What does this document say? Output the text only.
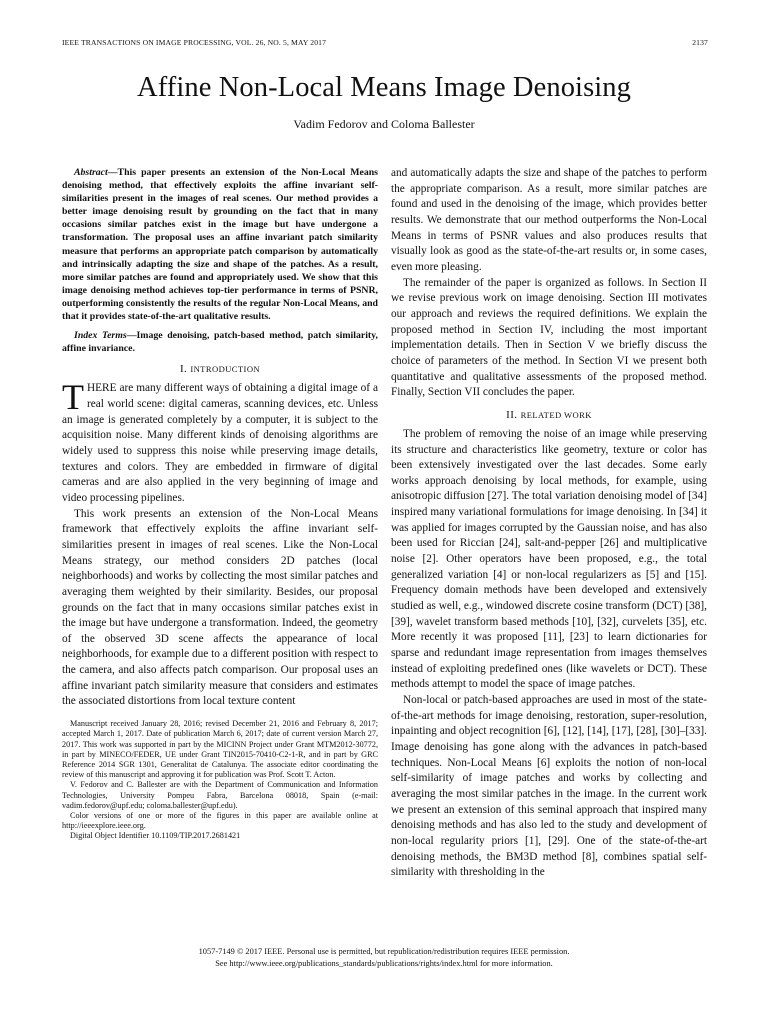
IEEE TRANSACTIONS ON IMAGE PROCESSING, VOL. 26, NO. 5, MAY 2017	2137
Affine Non-Local Means Image Denoising
Vadim Fedorov and Coloma Ballester

Abstract—This paper presents an extension of the Non-Local Means denoising method, that effectively exploits the affine invariant self-similarities present in the images of real scenes. Our method provides a better image denoising result by grounding on the fact that in many occasions similar patches exist in the image but have undergone a transformation. The proposal uses an affine invariant patch similarity measure that performs an appropriate patch comparison by automatically and intrinsically adapting the size and shape of the patches. As a result, more similar patches are found and appropriately used. We show that this image denoising method achieves top-tier performance in terms of PSNR, outperforming consistently the results of the regular Non-Local Means, and that it provides state-of-the-art qualitative results.

Index Terms—Image denoising, patch-based method, patch similarity, affine invariance.

I. INTRODUCTION

THERE are many different ways of obtaining a digital image of a real world scene: digital cameras, scanning devices, etc. Unless an image is generated completely by a computer, it is subject to the acquisition noise. Many different kinds of denoising algorithms are widely used to suppress this noise while preserving image details, textures and colors. They are embedded in firmware of digital cameras and are also applied in the very beginning of image and video processing pipelines.

This work presents an extension of the Non-Local Means framework that effectively exploits the affine invariant self-similarities present in images of real scenes. Like the Non-Local Means strategy, our method considers 2D patches (local neighborhoods) and works by collecting the most similar patches and averaging them weighted by their similarity. Besides, our proposal grounds on the fact that in many occasions similar patches exist in the image but have undergone a transformation. Indeed, the geometry of the observed 3D scene affects the appearance of local neighborhoods, for example due to a different position with respect to the camera, and also affects patch comparison. Our proposal uses an affine invariant patch similarity measure that considers and estimates the associated distortions from local texture content

Manuscript received January 28, 2016; revised December 21, 2016 and February 8, 2017; accepted March 1, 2017. Date of publication March 6, 2017; date of current version March 27, 2017. This work was supported in part by the MICINN Project under Grant MTM2012-30772, in part by MINECO/FEDER, UE under Grant TIN2015-70410-C2-1-R, and in part by GRC Reference 2014 SGR 1301, Generalitat de Catalunya. The associate editor coordinating the review of this manuscript and approving it for publication was Prof. Scott T. Acton.

V. Fedorov and C. Ballester are with the Department of Communication and Information Technologies, University Pompeu Fabra, Barcelona 08018, Spain (e-mail: vadim.fedorov@upf.edu; coloma.ballester@upf.edu).

Color versions of one or more of the figures in this paper are available online at http://ieeexplore.ieee.org.

Digital Object Identifier 10.1109/TIP.2017.2681421

and automatically adapts the size and shape of the patches to perform the appropriate comparison. As a result, more similar patches are found and used in the denoising of the image, which provides better results. We demonstrate that our method outperforms the Non-Local Means in terms of PSNR values and also produces results that visually look as good as the state-of-the-art results or, in some cases, even more pleasing.

The remainder of the paper is organized as follows. In Section II we revise previous work on image denoising. Section III motivates our approach and reviews the required definitions. We explain the proposed method in Section IV, including the most important implementation details. Then in Section V we briefly discuss the choice of parameters of the method. In Section VI we present both quantitative and qualitative assessments of the proposed method. Finally, Section VII concludes the paper.

II. RELATED WORK

The problem of removing the noise of an image while preserving its structure and characteristics like geometry, texture or color has been extensively investigated over the last decades. Some early works approach denoising by local methods, for example, using anisotropic diffusion [27]. The total variation denoising model of [34] inspired many variational formulations for image denoising. In [34] it was applied for images corrupted by the Gaussian noise, and has also been used for Riccian [24], salt-and-pepper [26] and multiplicative noise [2]. Other operators have been proposed, e.g., the total generalized variation [4] or non-local regularizers as [5] and [15]. Frequency domain methods have been developed and extensively studied as well, e.g., windowed discrete cosine transform (DCT) [38], [39], wavelet transform based methods [10], [32], curvelets [35], etc. More recently it was proposed [11], [23] to learn dictionaries for sparse and redundant image representation from images themselves instead of exploiting predefined ones (like wavelets or DCT). These methods attempt to model the space of image patches.

Non-local or patch-based approaches are used in most of the state-of-the-art methods for image denoising, restoration, super-resolution, inpainting and object recognition [6], [12], [14], [17], [28], [30]–[33]. Image denoising has gone along with the advances in patch-based techniques. Non-Local Means [6] exploits the notion of non-local self-similarity of image patches and works by collecting and averaging the most similar patches in the image. In the current work we present an extension of this seminal approach that inspired many denoising methods and has also led to the study and development of non-local regularity priors [1], [29]. One of the state-of-the-art denoising methods, the BM3D method [8], combines spatial self-similarity with thresholding in the

1057-7149 © 2017 IEEE. Personal use is permitted, but republication/redistribution requires IEEE permission.
See http://www.ieee.org/publications_standards/publications/rights/index.html for more information.
